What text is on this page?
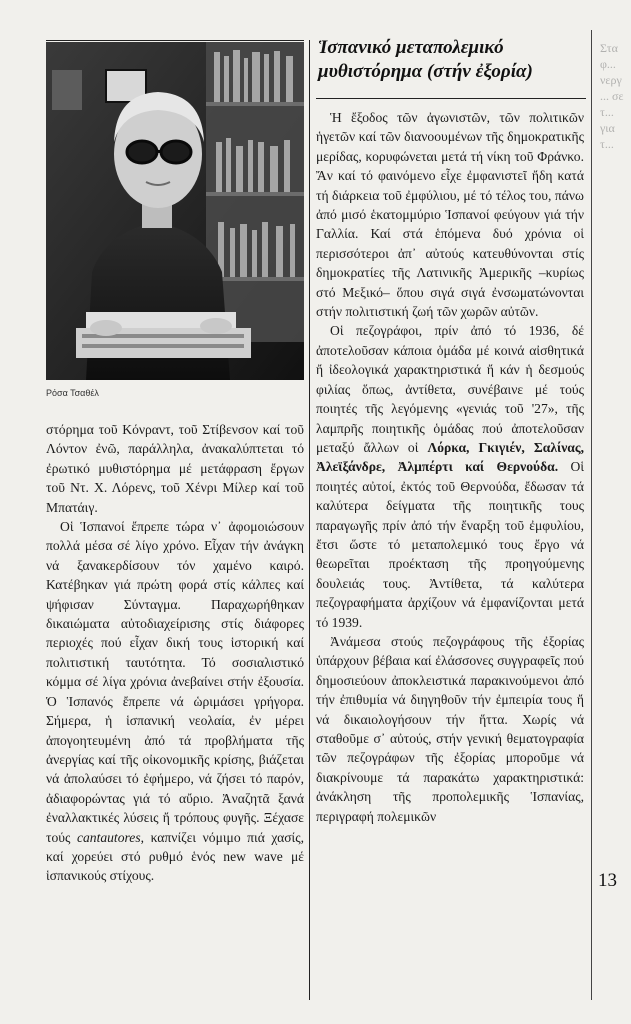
Ρόσα Τσαθέλ
Ἱσπανικό μεταπολεμικό μυθιστόρημα (στήν ἐξορία)

στόρημα τοῦ Κόνραντ, τοῦ Στίβενσον καί τοῦ Λόντον ἐνῶ, παράλληλα, ἀνακαλύπτεται τό ἐρωτικό μυθιστόρημα μέ μετάφραση ἔργων τοῦ Ντ. Χ. Λόρενς, τοῦ Χένρι Μίλερ καί τοῦ Μπατάιγ.

Οἱ Ἱσπανοί ἔπρεπε τώρα ν᾽ ἀφομοιώσουν πολλά μέσα σέ λίγο χρόνο. Εἶχαν τήν ἀνάγκη νά ξανακερδίσουν τόν χαμένο καιρό. Κατέβηκαν γιά πρώτη φορά στίς κάλπες καί ψήφισαν Σύνταγμα. Παραχωρήθηκαν δικαιώματα αὐτοδιαχείρισης στίς διάφορες περιοχές πού εἶχαν δική τους ἱστορική καί πολιτιστική ταυτότητα. Τό σοσιαλιστικό κόμμα σέ λίγα χρόνια ἀνεβαίνει στήν ἐξουσία. Ὁ Ἱσπανός ἔπρεπε νά ὡριμάσει γρήγορα. Σήμερα, ἡ ἱσπανική νεολαία, ἐν μέρει ἀπογοητευμένη ἀπό τά προβλήματα τῆς ἀνεργίας καί τῆς οἰκονομικῆς κρίσης, βιάζεται νά ἀπολαύσει τό ἐφήμερο, νά ζήσει τό παρόν, ἀδιαφορώντας γιά τό αὔριο. Ἀναζητᾶ ξανά ἐναλλακτικές λύσεις ἤ τρόπους φυγῆς. Ξέχασε τούς cantautores, καπνίζει νόμιμο πιά χασίς, καί χορεύει στό ρυθμό ἑνός new wave μέ ἱσπανικούς στίχους.

Ἡ ἔξοδος τῶν ἀγωνιστῶν, τῶν πολιτικῶν ἡγετῶν καί τῶν διανοουμένων τῆς δημοκρατικῆς μερίδας, κορυφώνεται μετά τή νίκη τοῦ Φράνκο. Ἄν καί τό φαινόμενο εἶχε ἐμφανιστεῖ ἤδη κατά τή διάρκεια τοῦ ἐμφύλιου, μέ τό τέλος του, πάνω ἀπό μισό ἑκατομμύριο Ἱσπανοί φεύγουν γιά τήν Γαλλία. Καί στά ἑπόμενα δυό χρόνια οἱ περισσότεροι ἀπ᾽ αὐτούς κατευθύνονται στίς δημοκρατίες τῆς Λατινικῆς Ἀμερικῆς –κυρίως στό Μεξικό– ὅπου σιγά σιγά ἐνσωματώνονται στήν πολιτιστική ζωή τῶν χωρῶν αὐτῶν.

Οἱ πεζογράφοι, πρίν ἀπό τό 1936, δέ ἀποτελοῦσαν κάποια ὁμάδα μέ κοινά αἰσθητικά ἤ ἰδεολογικά χαρακτηριστικά ἤ κάν ἡ δεσμούς φιλίας ὅπως, ἀντίθετα, συνέβαινε μέ τούς ποιητές τῆς λεγόμενης «γενιάς τοῦ '27», τῆς λαμπρῆς ποιητικῆς ὁμάδας πού ἀποτελοῦσαν μεταξύ ἄλλων οἱ Λόρκα, Γκιγιέν, Σαλίνας, Ἀλεϊξάνδρε, Ἀλμπέρτι καί Θερνούδα. Οἱ ποιητές αὐτοί, ἐκτός τοῦ Θερνούδα, ἔδωσαν τά καλύτερα δείγματα τῆς ποιητικῆς τους παραγωγῆς πρίν ἀπό τήν ἔναρξη τοῦ ἐμφυλίου, ἔτσι ὥστε τό μεταπολεμικό τους ἔργο νά θεωρεῖται προέκταση τῆς προηγούμενης δουλειάς τους. Ἀντίθετα, τά καλύτερα πεζογραφήματα ἀρχίζουν νά ἐμφανίζονται μετά τό 1939.

Ἀνάμεσα στούς πεζογράφους τῆς ἐξορίας ὑπάρχουν βέβαια καί ἐλάσσονες συγγραφεῖς πού δημοσιεύουν ἀποκλειστικά παρακινούμενοι ἀπό τήν ἐπιθυμία νά διηγηθοῦν τήν ἐμπειρία τους ἤ νά δικαιολογήσουν τήν ἥττα. Χωρίς νά σταθοῦμε σ᾽ αὐτούς, στήν γενική θεματογραφία τῶν πεζογράφων τῆς ἐξορίας μποροῦμε νά διακρίνουμε τά παρακάτω χαρακτηριστικά: ἀνάκληση τῆς προπολεμικῆς Ἱσπανίας, περιγραφή πολεμικῶν

13
Στα φ... νεργ ... σε τ... για τ...
